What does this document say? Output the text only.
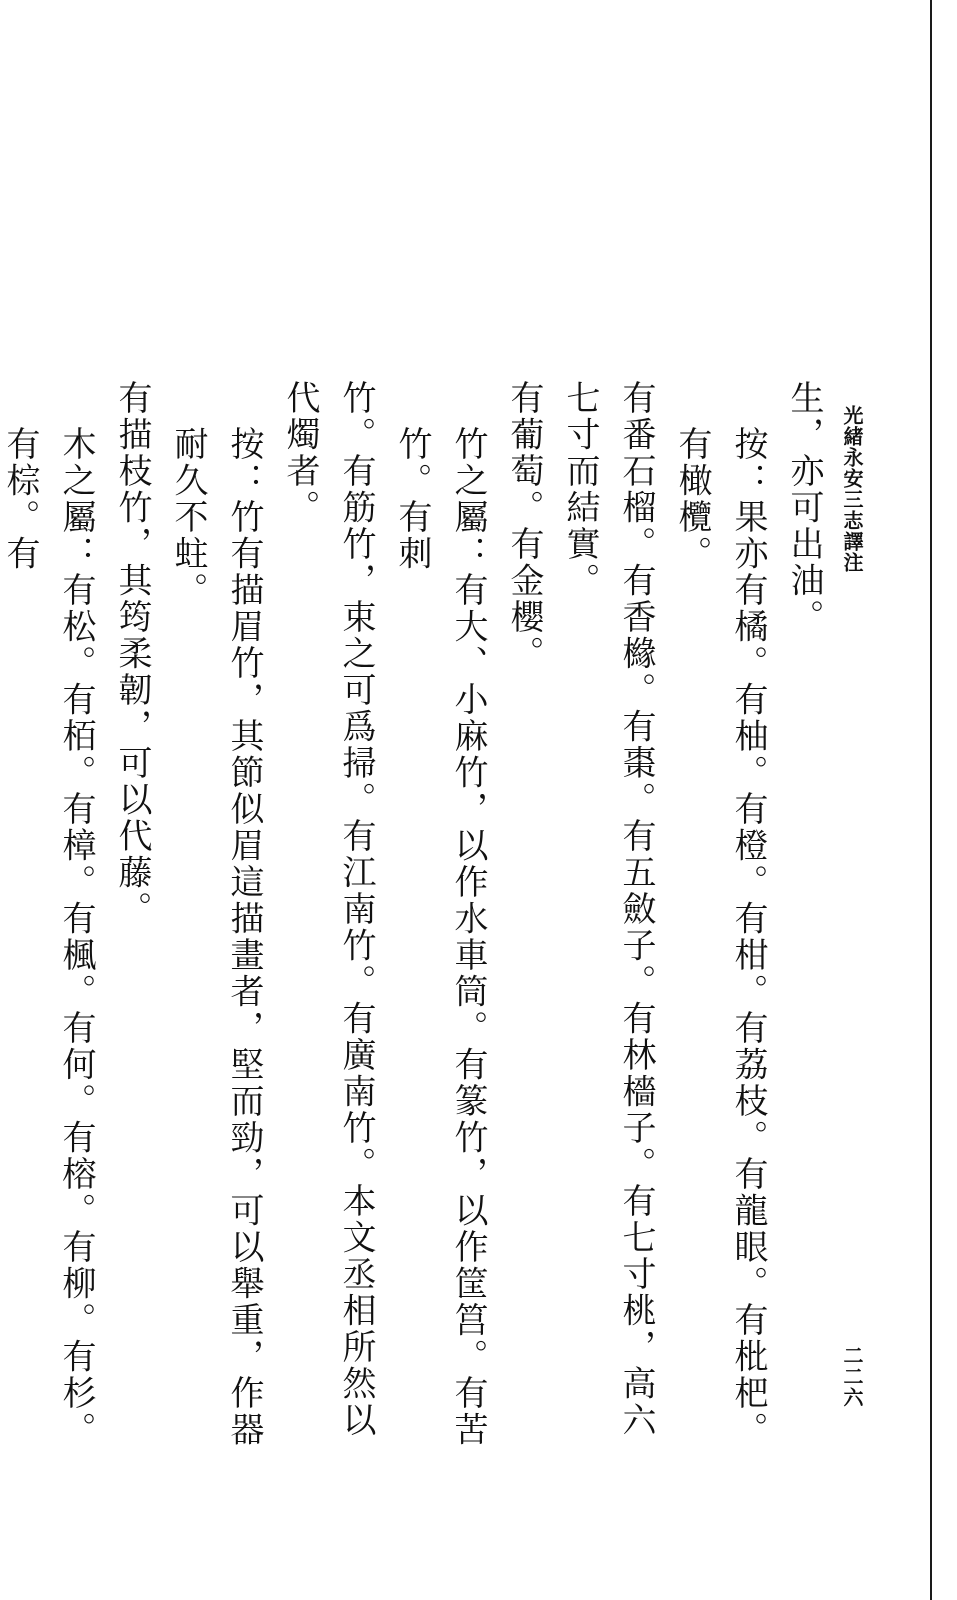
光緒永安三志譯注
二二六
生，亦可出油。
按：果亦有橘。有柚。有橙。有柑。有荔枝。有龍眼。有枇杷。有橄欖。
有番石榴。有香櫞。有棗。有五斂子。有林檣子。有七寸桃，高六七寸而結實。
有葡萄。有金櫻。
竹之屬：有大、小麻竹，以作水車筒。有篆竹，以作筐筥。有苦竹。有刺
竹。有筋竹，束之可爲掃。有江南竹。有廣南竹。本文丞相所然以代燭者。
按：竹有描眉竹，其節似眉這描畫者，堅而勁，可以舉重，作器耐久不蛀。
有描枝竹，其筠柔韌，可以代藤。
木之屬：有松。有栢。有樟。有楓。有何。有榕。有柳。有杉。有棕。有
